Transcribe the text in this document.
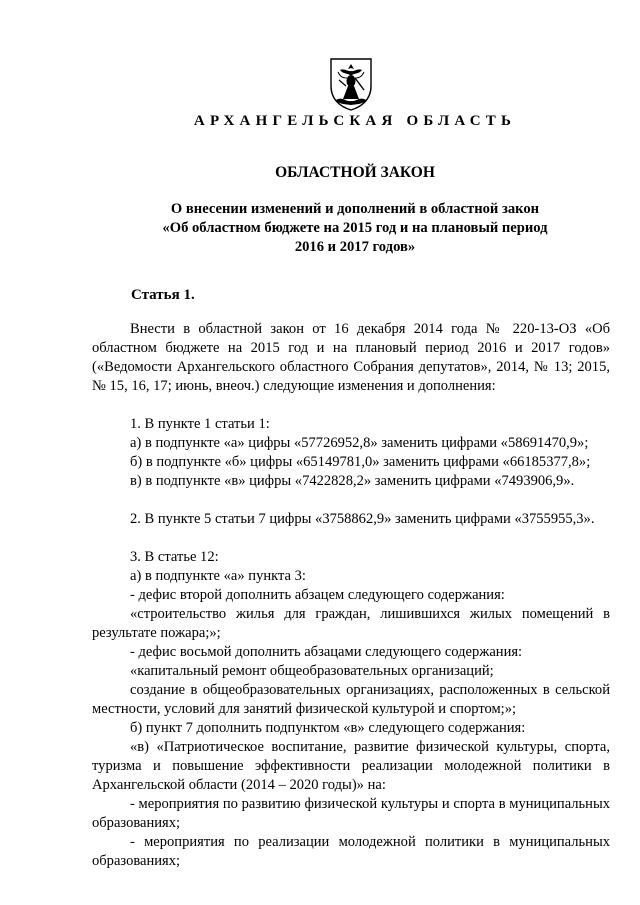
АРХАНГЕЛЬСКАЯ ОБЛАСТЬ
ОБЛАСТНОЙ ЗАКОН
О внесении изменений и дополнений в областной закон
«Об областном бюджете на 2015 год и на плановый период
2016 и 2017 годов»
Статья 1.

Внести в областной закон от 16 декабря 2014 года № 220-13-ОЗ «Об областном бюджете на 2015 год и на плановый период 2016 и 2017 годов» («Ведомости Архангельского областного Собрания депутатов», 2014, № 13; 2015, № 15, 16, 17; июнь, внеоч.) следующие изменения и дополнения:

1. В пункте 1 статьи 1:

а) в подпункте «а» цифры «57726952,8» заменить цифрами «58691470,9»;

б) в подпункте «б» цифры «65149781,0» заменить цифрами «66185377,8»;

в) в подпункте «в» цифры «7422828,2» заменить цифрами «7493906,9».

2. В пункте 5 статьи 7 цифры «3758862,9» заменить цифрами «3755955,3».

3. В статье 12:

а) в подпункте «а» пункта 3:

- дефис второй дополнить абзацем следующего содержания:

«строительство жилья для граждан, лишившихся жилых помещений в результате пожара;»;

- дефис восьмой дополнить абзацами следующего содержания:

«капитальный ремонт общеобразовательных организаций;

создание в общеобразовательных организациях, расположенных в сельской местности, условий для занятий физической культурой и спортом;»;

б) пункт 7 дополнить подпунктом «в» следующего содержания:

«в) «Патриотическое воспитание, развитие физической культуры, спорта, туризма и повышение эффективности реализации молодежной политики в Архангельской области (2014 – 2020 годы)» на:

- мероприятия по развитию физической культуры и спорта в муниципальных образованиях;

- мероприятия по реализации молодежной политики в муниципальных образованиях;
